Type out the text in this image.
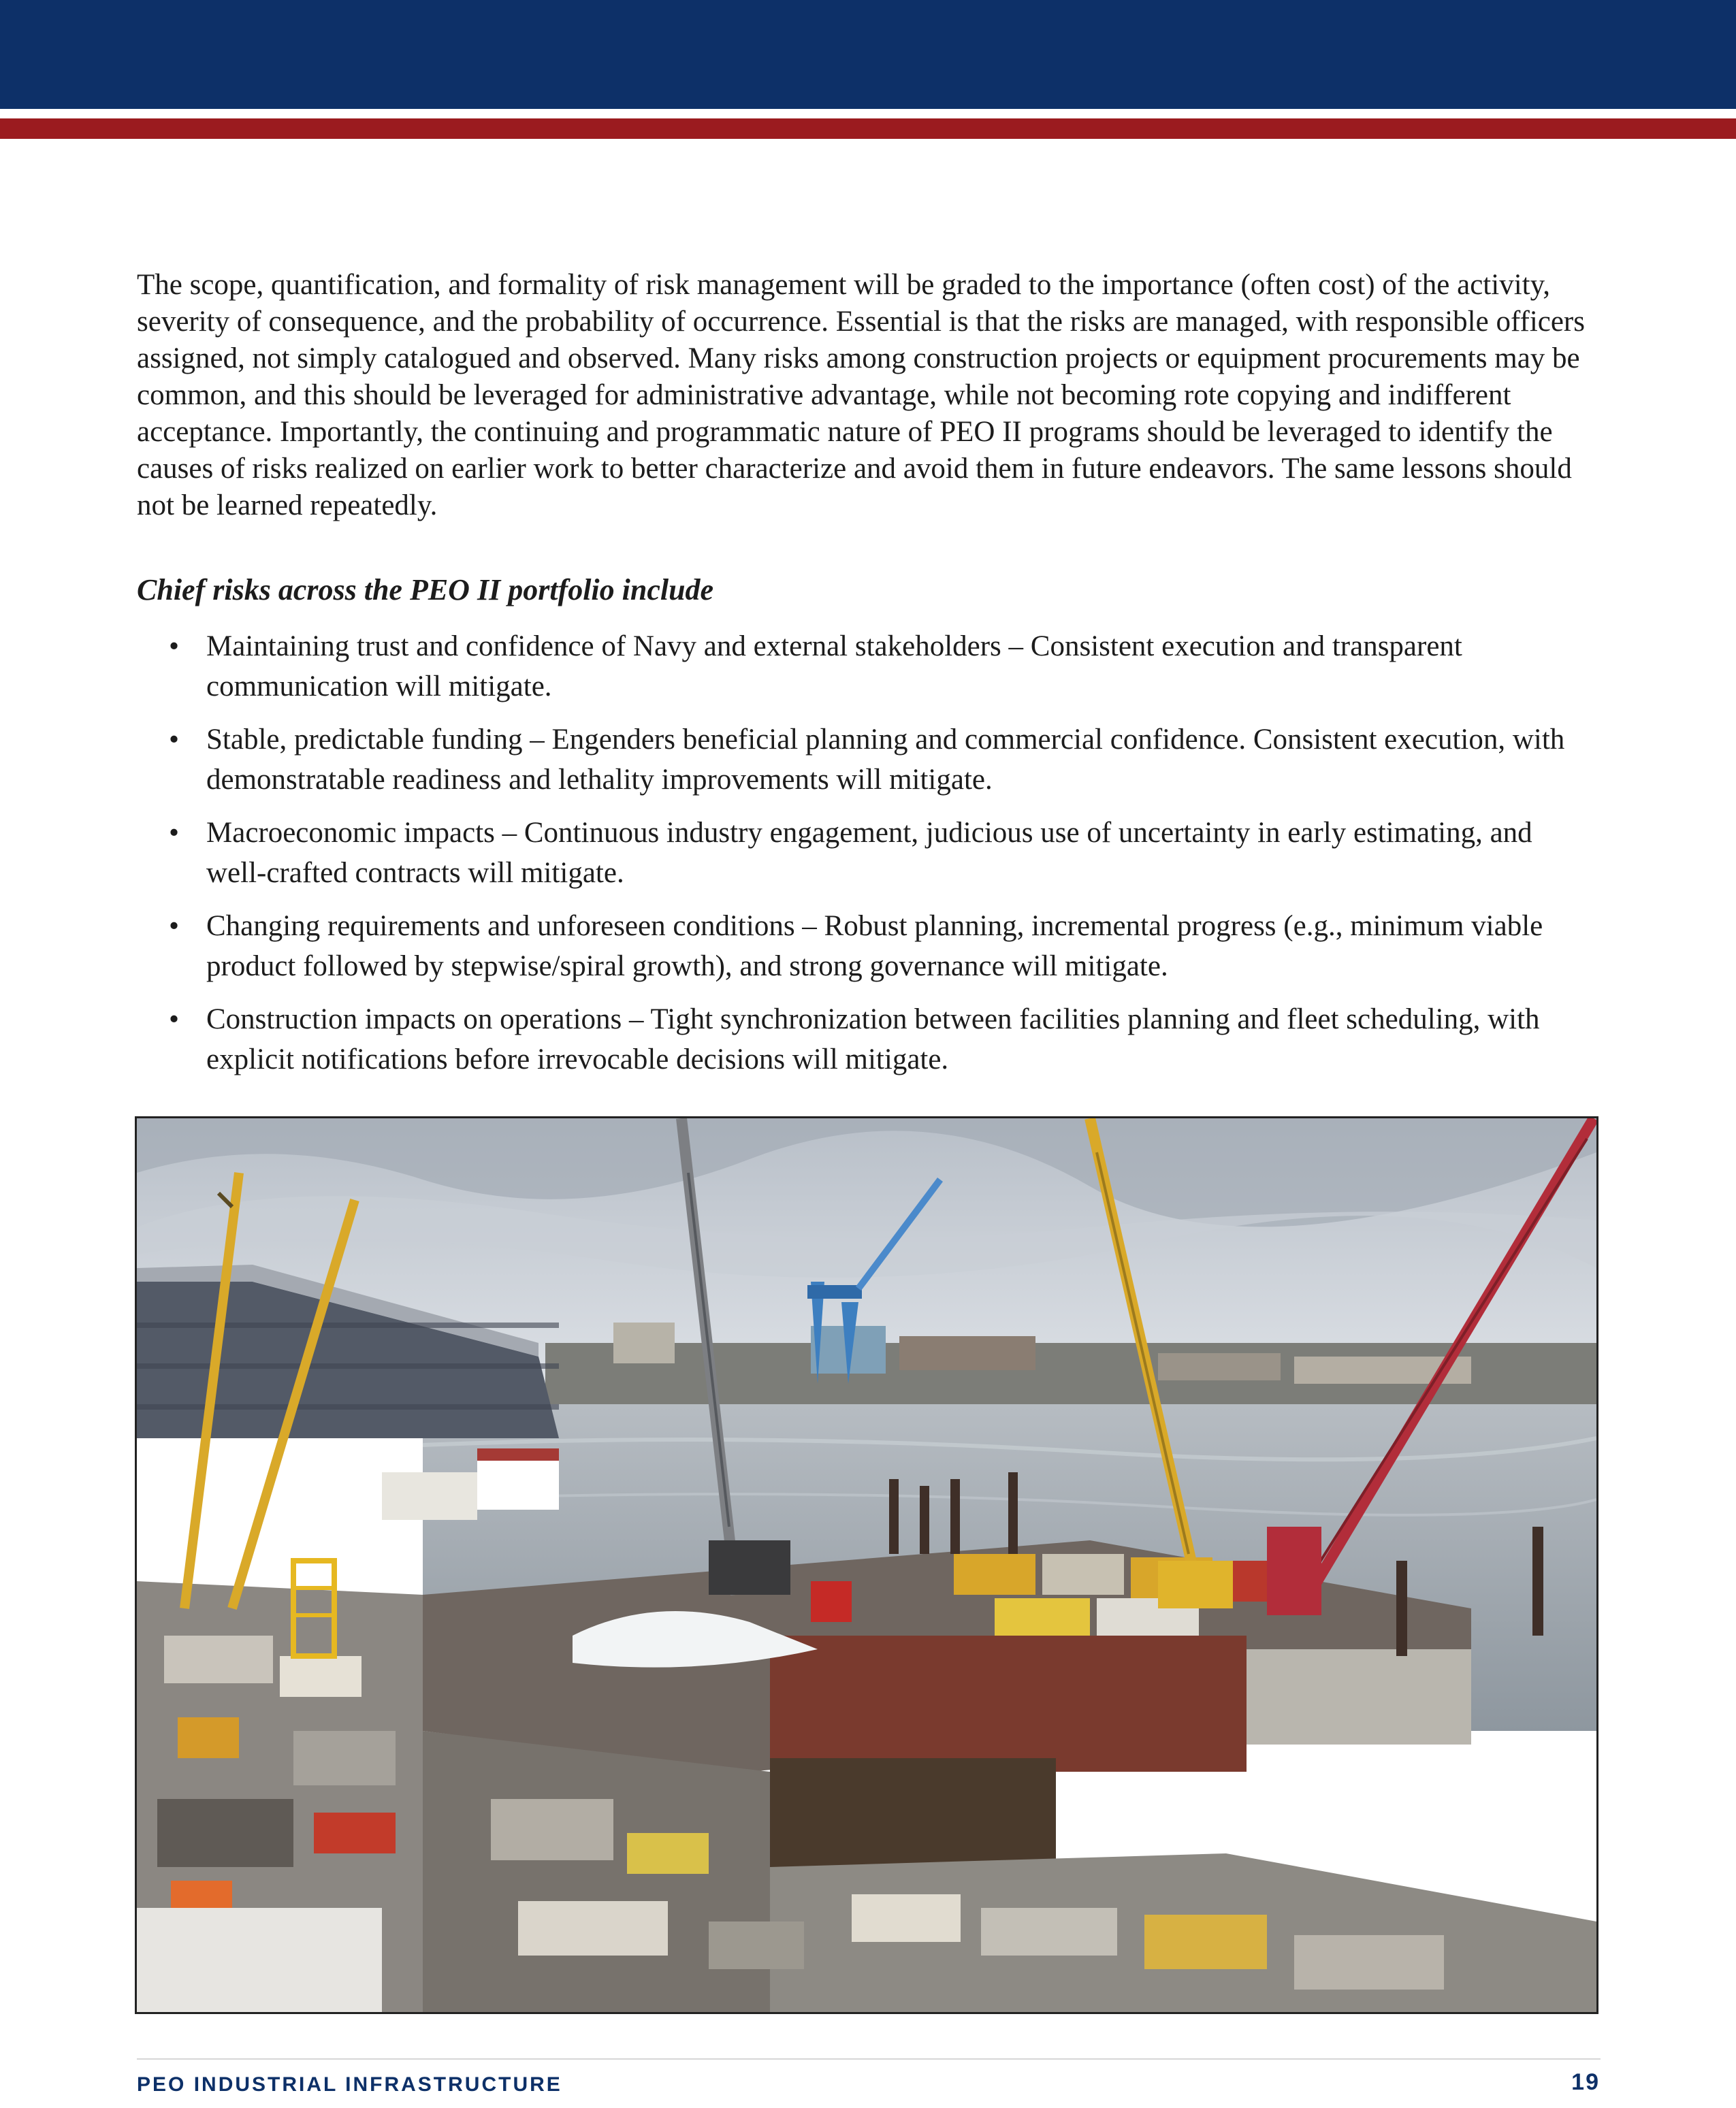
The scope, quantification, and formality of risk management will be graded to the importance (often cost) of the activity, severity of consequence, and the probability of occurrence. Essential is that the risks are managed, with responsible officers assigned, not simply catalogued and observed. Many risks among construction projects or equipment procurements may be common, and this should be leveraged for administrative advantage, while not becoming rote copying and indifferent acceptance. Importantly, the continuing and programmatic nature of PEO II programs should be leveraged to identify the causes of risks realized on earlier work to better characterize and avoid them in future endeavors. The same lessons should not be learned repeatedly.

Chief risks across the PEO II portfolio include
• Maintaining trust and confidence of Navy and external stakeholders – Consistent execution and transparent communication will mitigate.
• Stable, predictable funding – Engenders beneficial planning and commercial confidence. Consistent execution, with demonstratable readiness and lethality improvements will mitigate.
• Macroeconomic impacts – Continuous industry engagement, judicious use of uncertainty in early estimating, and well-crafted contracts will mitigate.
• Changing requirements and unforeseen conditions – Robust planning, incremental progress (e.g., minimum viable product followed by stepwise/spiral growth), and strong governance will mitigate.
• Construction impacts on operations – Tight synchronization between facilities planning and fleet scheduling, with explicit notifications before irrevocable decisions will mitigate.
PEO INDUSTRIAL INFRASTRUCTURE	19
